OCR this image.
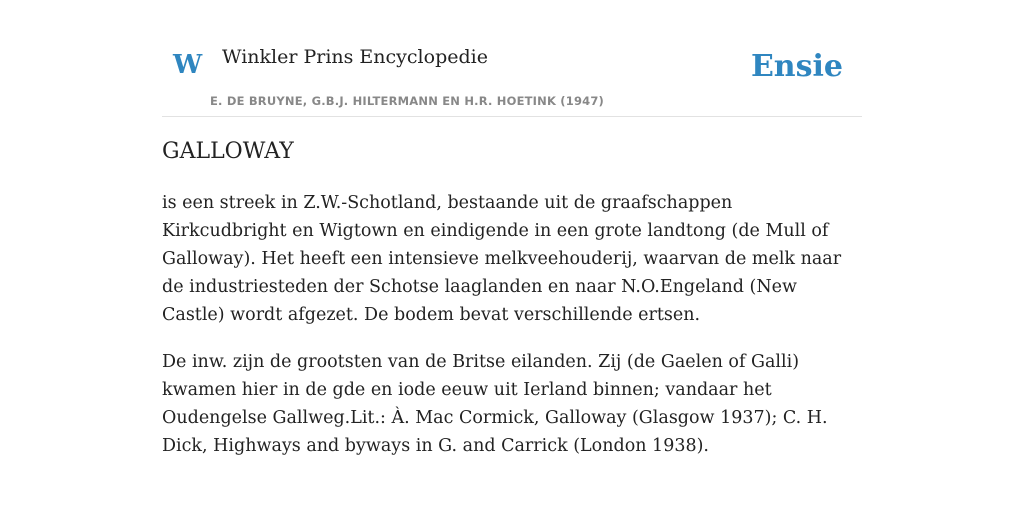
W Winkler Prins Encyclopedie
E. DE BRUYNE, G.B.J. HILTERMANN EN H.R. HOETINK (1947)
Ensie
GALLOWAY

is een streek in Z.W.-Schotland, bestaande uit de graafschappen Kirkcudbright en Wigtown en eindigende in een grote landtong (de Mull of Galloway). Het heeft een intensieve melkveehouderij, waarvan de melk naar de industriesteden der Schotse laaglanden en naar N.O.Engeland (New Castle) wordt afgezet. De bodem bevat verschillende ertsen.

De inw. zijn de grootsten van de Britse eilanden. Zij (de Gaelen of Galli) kwamen hier in de gde en iode eeuw uit Ierland binnen; vandaar het Oudengelse Gallweg.Lit.: À. Mac Cormick, Galloway (Glasgow 1937); C. H. Dick, Highways and byways in G. and Carrick (London 1938).
